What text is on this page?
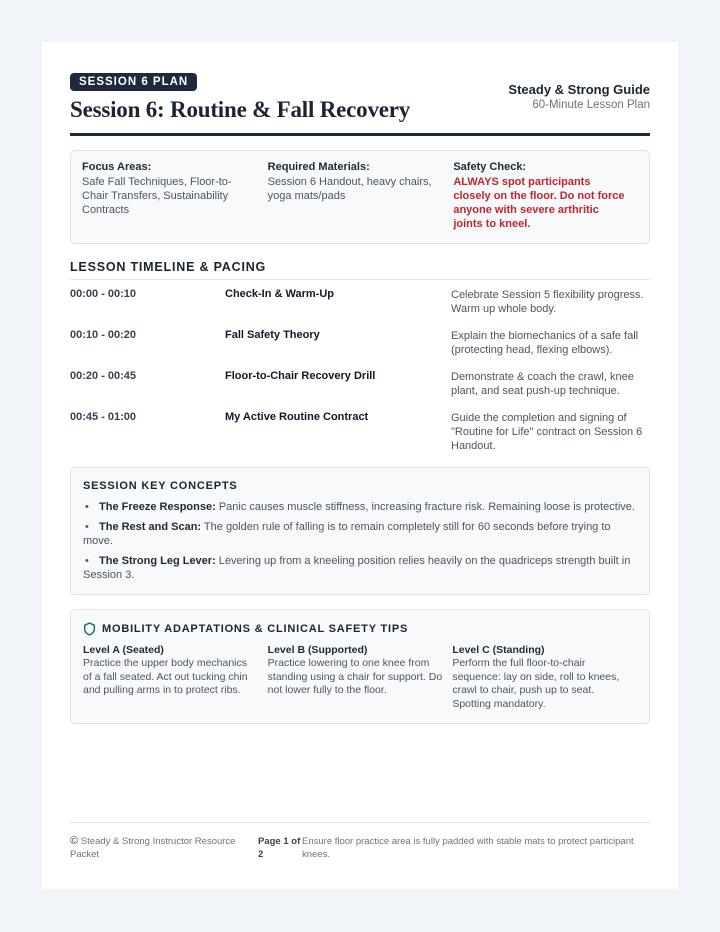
SESSION 6 PLAN
Session 6: Routine & Fall Recovery
Steady & Strong Guide
60-Minute Lesson Plan
Focus Areas:
Safe Fall Techniques, Floor-to-Chair Transfers, Sustainability Contracts
Required Materials:
Session 6 Handout, heavy chairs, yoga mats/pads
Safety Check:
ALWAYS spot participants closely on the floor. Do not force anyone with severe arthritic joints to kneel.
LESSON TIMELINE & PACING
00:00 - 00:10	Check-In & Warm-Up	Celebrate Session 5 flexibility progress. Warm up whole body.
00:10 - 00:20	Fall Safety Theory	Explain the biomechanics of a safe fall (protecting head, flexing elbows).
00:20 - 00:45	Floor-to-Chair Recovery Drill	Demonstrate & coach the crawl, knee plant, and seat push-up technique.
00:45 - 01:00	My Active Routine Contract	Guide the completion and signing of "Routine for Life" contract on Session 6 Handout.
SESSION KEY CONCEPTS
• The Freeze Response: Panic causes muscle stiffness, increasing fracture risk. Remaining loose is protective.
• The Rest and Scan: The golden rule of falling is to remain completely still for 60 seconds before trying to move.
• The Strong Leg Lever: Levering up from a kneeling position relies heavily on the quadriceps strength built in Session 3.
MOBILITY ADAPTATIONS & CLINICAL SAFETY TIPS
Level A (Seated)
Practice the upper body mechanics of a fall seated. Act out tucking chin and pulling arms in to protect ribs.
Level B (Supported)
Practice lowering to one knee from standing using a chair for support. Do not lower fully to the floor.
Level C (Standing)
Perform the full floor-to-chair sequence: lay on side, roll to knees, crawl to chair, push up to seat. Spotting mandatory.
© Steady & Strong Instructor Resource Packet
Page 1 of 2
Ensure floor practice area is fully padded with stable mats to protect participant knees.
